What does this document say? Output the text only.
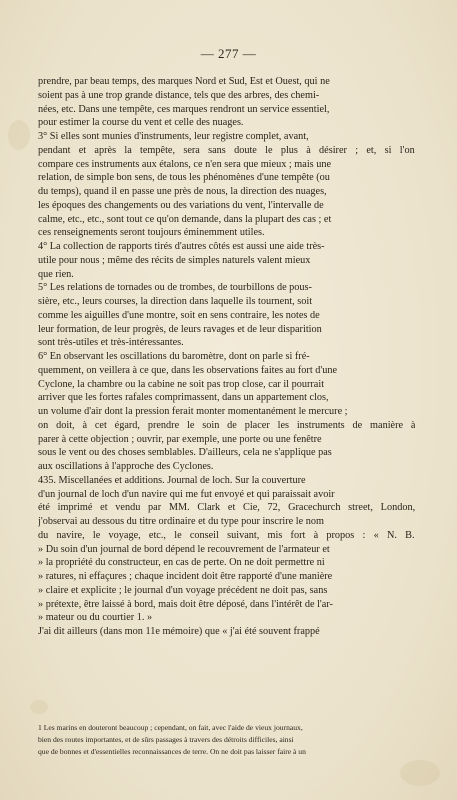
— 277 —

prendre, par beau temps, des marques Nord et Sud, Est et Ouest, qui ne
soient pas à une trop grande distance, tels que des arbres, des chemi-
nées, etc. Dans une tempête, ces marques rendront un service essentiel,
pour estimer la course du vent et celle des nuages.

3° Si elles sont munies d'instruments, leur registre complet, avant,
pendant et après la tempête, sera sans doute le plus à désirer ; et, si l'on
compare ces instruments aux étalons, ce n'en sera que mieux ; mais une
relation, de simple bon sens, de tous les phénomènes d'une tempête (ou
du temps), quand il en passe une près de nous, la direction des nuages,
les époques des changements ou des variations du vent, l'intervalle de
calme, etc., etc., sont tout ce qu'on demande, dans la plupart des cas ; et
ces renseignements seront toujours éminemment utiles.

4° La collection de rapports tirés d'autres côtés est aussi une aide très-
utile pour nous ; même des récits de simples naturels valent mieux
que rien.

5° Les relations de tornades ou de trombes, de tourbillons de pous-
sière, etc., leurs courses, la direction dans laquelle ils tournent, soit
comme les aiguilles d'une montre, soit en sens contraire, les notes de
leur formation, de leur progrès, de leurs ravages et de leur disparition
sont très-utiles et très-intéressantes.

6° En observant les oscillations du baromètre, dont on parle si fré-
quemment, on veillera à ce que, dans les observations faites au fort d'une
Cyclone, la chambre ou la cabine ne soit pas trop close, car il pourrait
arriver que les fortes rafales comprimassent, dans un appartement clos,
un volume d'air dont la pression ferait monter momentanément le mercure ;
on doit, à cet égard, prendre le soin de placer les instruments de manière à
parer à cette objection ; ouvrir, par exemple, une porte ou une fenêtre
sous le vent ou des choses semblables. D'ailleurs, cela ne s'applique pas
aux oscillations à l'approche des Cyclones.

435. Miscellanées et additions. Journal de loch. Sur la couverture
d'un journal de loch d'un navire qui me fut envoyé et qui paraissait avoir
été imprimé et vendu par MM. Clark et Cie, 72, Gracechurch street, London,
j'observai au dessous du titre ordinaire et du type pour inscrire le nom
du navire, le voyage, etc., le conseil suivant, mis fort à propos : « N. B.
» Du soin d'un journal de bord dépend le recouvrement de l'armateur et
» la propriété du constructeur, en cas de perte. On ne doit permettre ni
» ratures, ni effaçures ; chaque incident doit être rapporté d'une manière
» claire et explicite ; le journal d'un voyage précédent ne doit pas, sans
» prétexte, être laissé à bord, mais doit être déposé, dans l'intérêt de l'ar-
» mateur ou du courtier 1. »

J'ai dit ailleurs (dans mon 11e mémoire) que « j'ai été souvent frappé

1 Les marins en douteront beaucoup ; cependant, on fait, avec l'aide de vieux journaux,
bien des routes importantes, et de sûrs passages à travers des détroits difficiles, ainsi
que de bonnes et d'essentielles reconnaissances de terre. On ne doit pas laisser faire à un
